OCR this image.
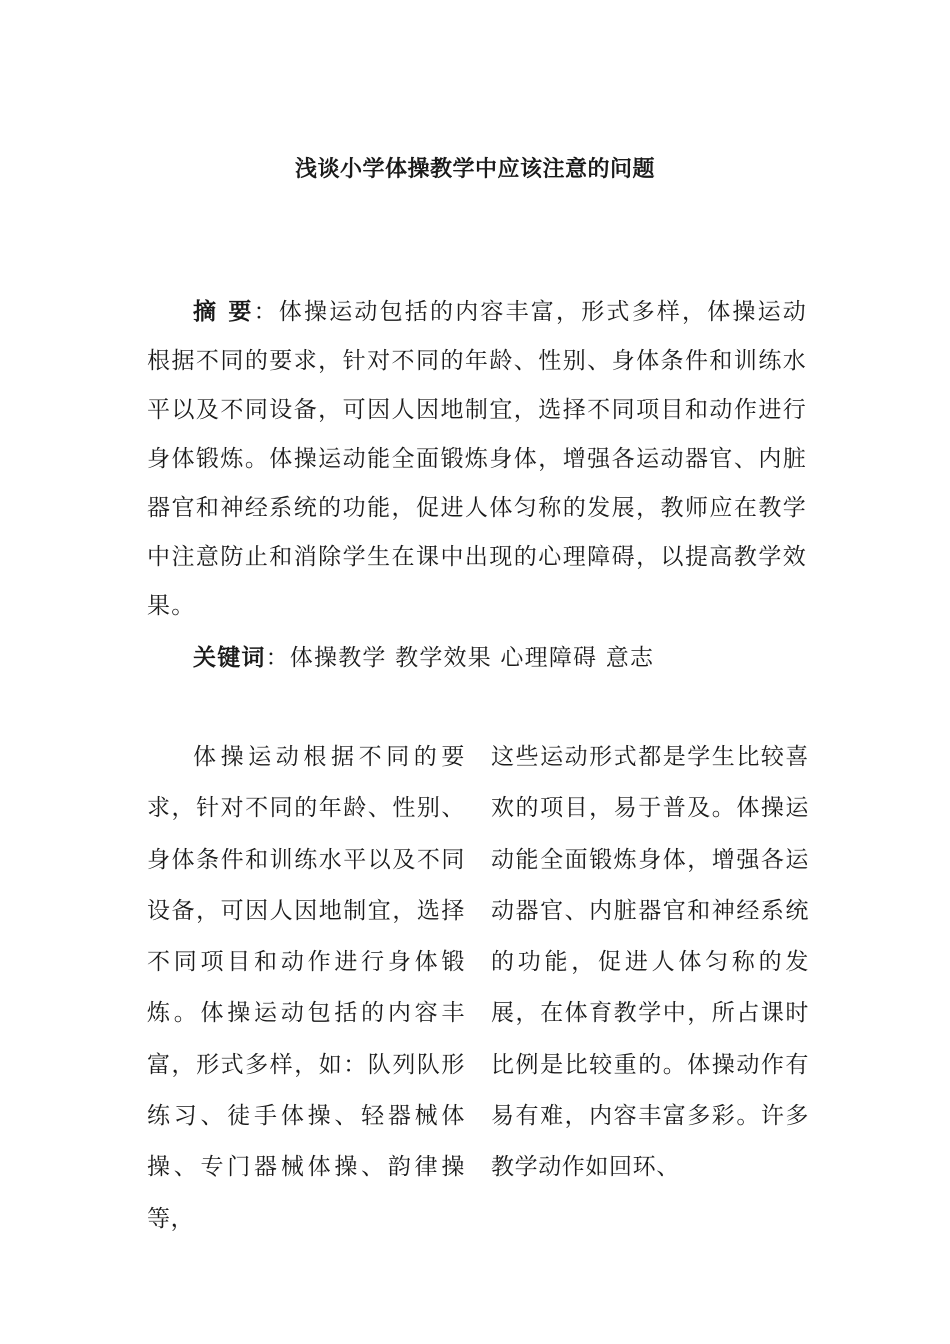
浅谈小学体操教学中应该注意的问题
摘 要：体操运动包括的内容丰富，形式多样，体操运动根据不同的要求，针对不同的年龄、性别、身体条件和训练水平以及不同设备，可因人因地制宜，选择不同项目和动作进行身体锻炼。体操运动能全面锻炼身体，增强各运动器官、内脏器官和神经系统的功能，促进人体匀称的发展，教师应在教学中注意防止和消除学生在课中出现的心理障碍，以提高教学效果。
关键词：体操教学 教学效果 心理障碍 意志
体操运动根据不同的要求，针对不同的年龄、性别、身体条件和训练水平以及不同设备，可因人因地制宜，选择不同项目和动作进行身体锻炼。体操运动包括的内容丰富，形式多样，如：队列队形练习、徒手体操、轻器械体操、专门器械体操、韵律操等，
这些运动形式都是学生比较喜欢的项目，易于普及。体操运动能全面锻炼身体，增强各运动器官、内脏器官和神经系统的功能，促进人体匀称的发展，在体育教学中，所占课时比例是比较重的。体操动作有易有难，内容丰富多彩。许多教学动作如回环、
